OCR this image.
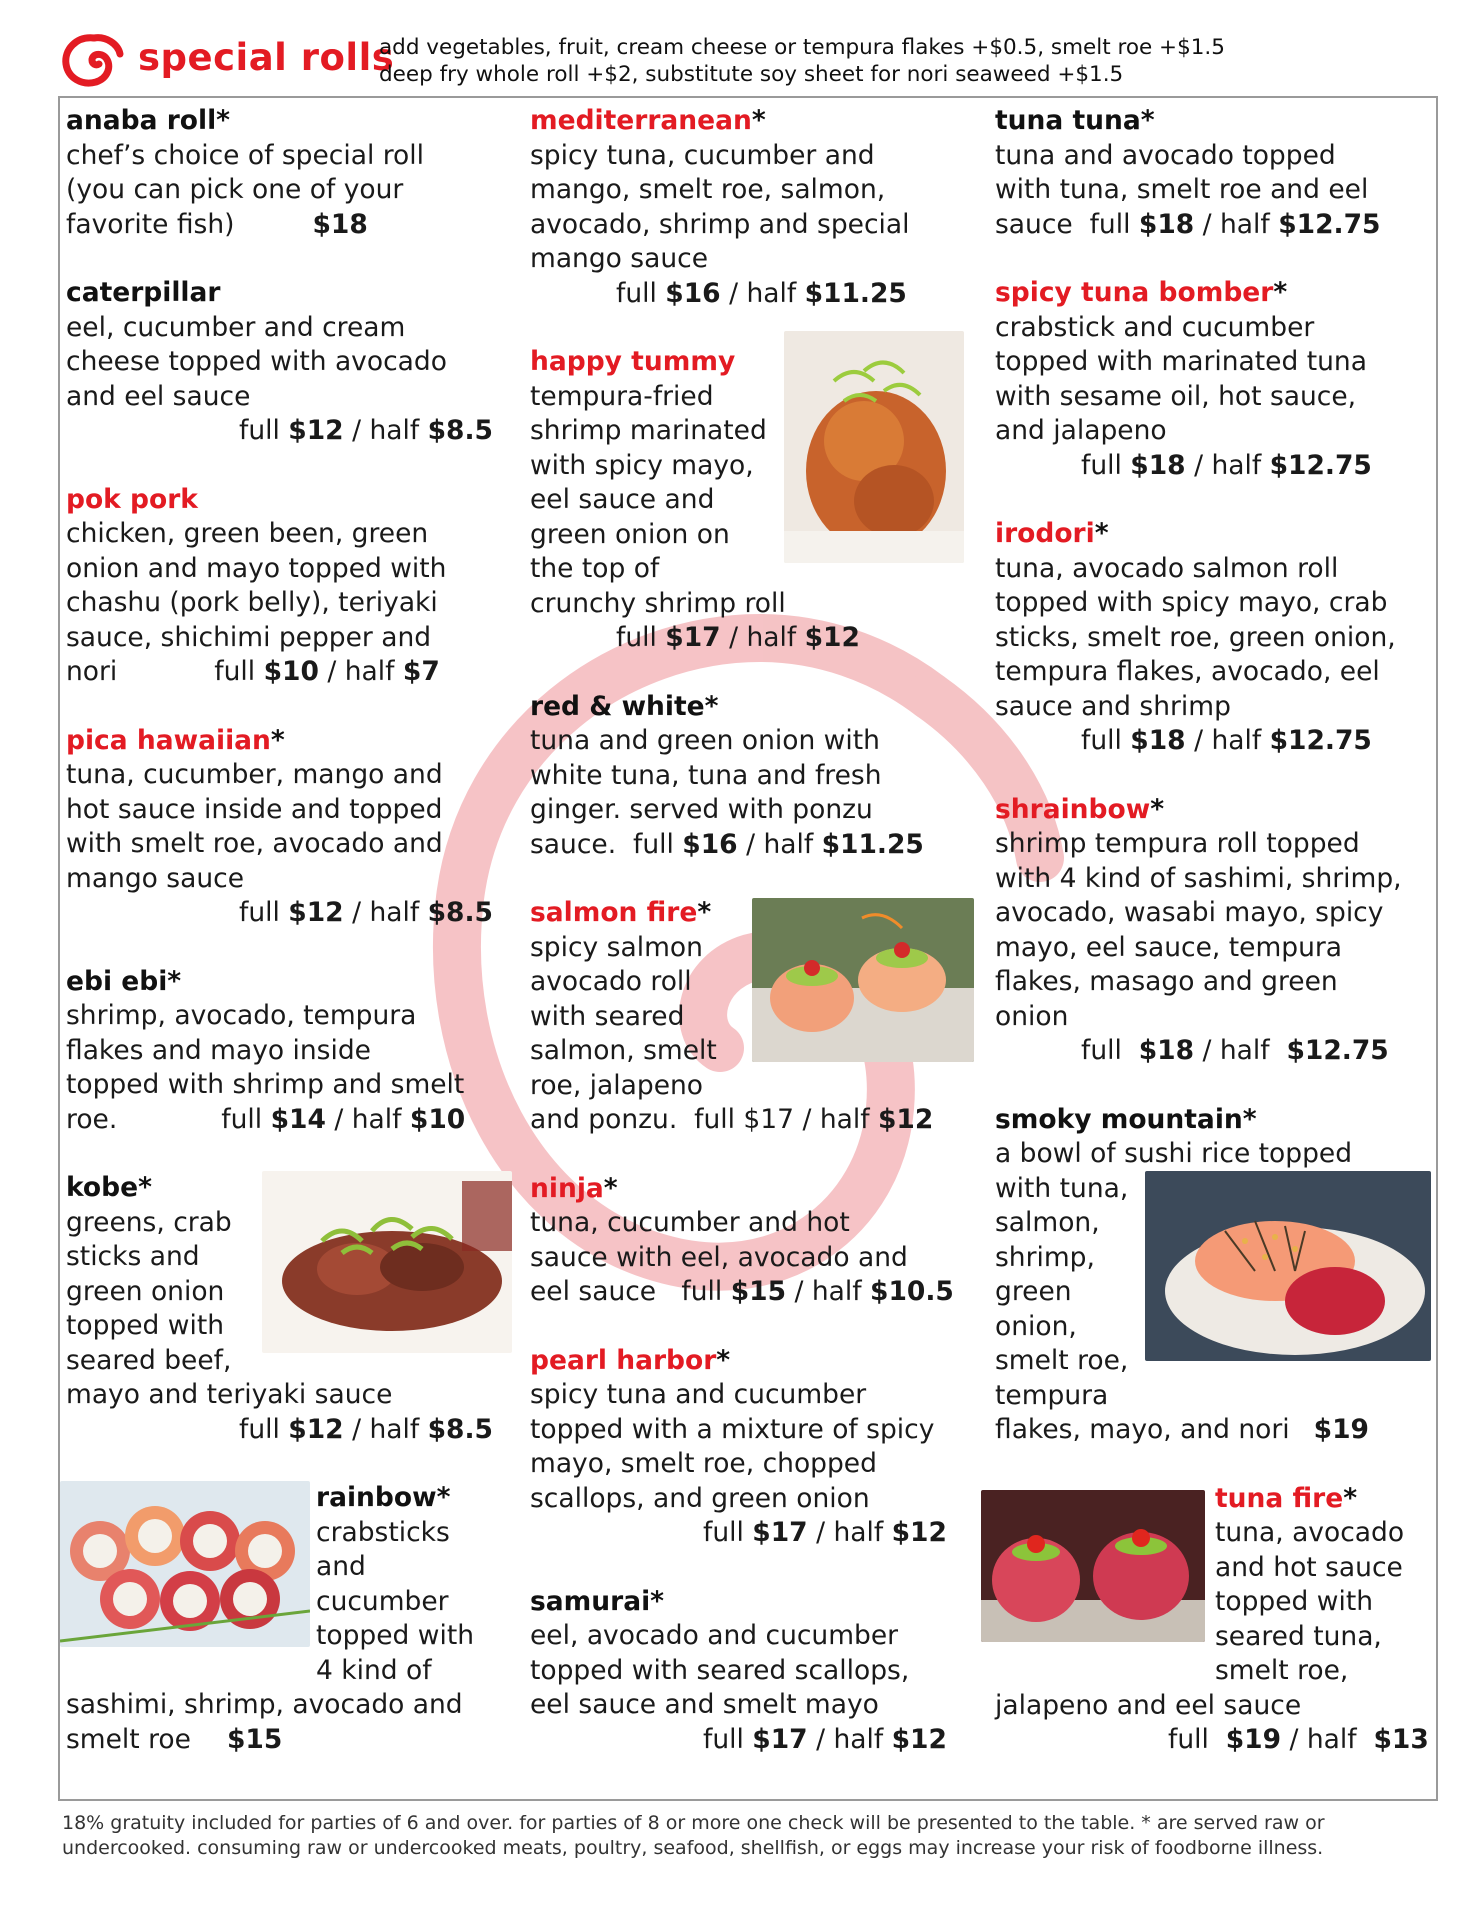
special rolls
add vegetables, fruit, cream cheese or tempura flakes +$0.5, smelt roe +$1.5
deep fry whole roll +$2, substitute soy sheet for nori seaweed +$1.5
anaba roll*
chef’s choice of special roll
(you can pick one of your
favorite fish)	$18
caterpillar
eel, cucumber and cream
cheese topped with avocado
and eel sauce
full $12 / half $8.5
pok pork
chicken, green been, green
onion and mayo topped with
chashu (pork belly), teriyaki
sauce, shichimi pepper and
nori	full $10 / half $7
pica hawaiian*
tuna, cucumber, mango and
hot sauce inside and topped
with smelt roe, avocado and
mango sauce
full $12 / half $8.5
ebi ebi*
shrimp, avocado, tempura
flakes and mayo inside
topped with shrimp and smelt
roe.	full $14 / half $10
kobe*
greens, crab
sticks and
green onion
topped with
seared beef,
mayo and teriyaki sauce
full $12 / half $8.5
rainbow*
crabsticks
and
cucumber
topped with
4 kind of
sashimi, shrimp, avocado and
smelt roe $15
mediterranean*
spicy tuna, cucumber and
mango, smelt roe, salmon,
avocado, shrimp and special
mango sauce
full $16 / half $11.25
happy tummy
tempura-fried
shrimp marinated
with spicy mayo,
eel sauce and
green onion on
the top of
crunchy shrimp roll
full $17 / half $12
red & white*
tuna and green onion with
white tuna, tuna and fresh
ginger. served with ponzu
sauce. full $16 / half $11.25
salmon fire*
spicy salmon
avocado roll
with seared
salmon, smelt
roe, jalapeno
and ponzu. full $17 / half $12
ninja*
tuna, cucumber and hot
sauce with eel, avocado and
eel sauce full $15 / half $10.5
pearl harbor*
spicy tuna and cucumber
topped with a mixture of spicy
mayo, smelt roe, chopped
scallops, and green onion
full $17 / half $12
samurai*
eel, avocado and cucumber
topped with seared scallops,
eel sauce and smelt mayo
full $17 / half $12
tuna tuna*
tuna and avocado topped
with tuna, smelt roe and eel
sauce full $18 / half $12.75
spicy tuna bomber*
crabstick and cucumber
topped with marinated tuna
with sesame oil, hot sauce,
and jalapeno
full $18 / half $12.75
irodori*
tuna, avocado salmon roll
topped with spicy mayo, crab
sticks, smelt roe, green onion,
tempura flakes, avocado, eel
sauce and shrimp
full $18 / half $12.75
shrainbow*
shrimp tempura roll topped
with 4 kind of sashimi, shrimp,
avocado, wasabi mayo, spicy
mayo, eel sauce, tempura
flakes, masago and green
onion
full $18 / half $12.75
smoky mountain*
a bowl of sushi rice topped
with tuna,
salmon,
shrimp,
green
onion,
smelt roe,
tempura
flakes, mayo, and nori $19
tuna fire*
tuna, avocado
and hot sauce
topped with
seared tuna,
smelt roe,
jalapeno and eel sauce
full $19 / half $13
18% gratuity included for parties of 6 and over. for parties of 8 or more one check will be presented to the table. * are served raw or
undercooked. consuming raw or undercooked meats, poultry, seafood, shellfish, or eggs may increase your risk of foodborne illness.
